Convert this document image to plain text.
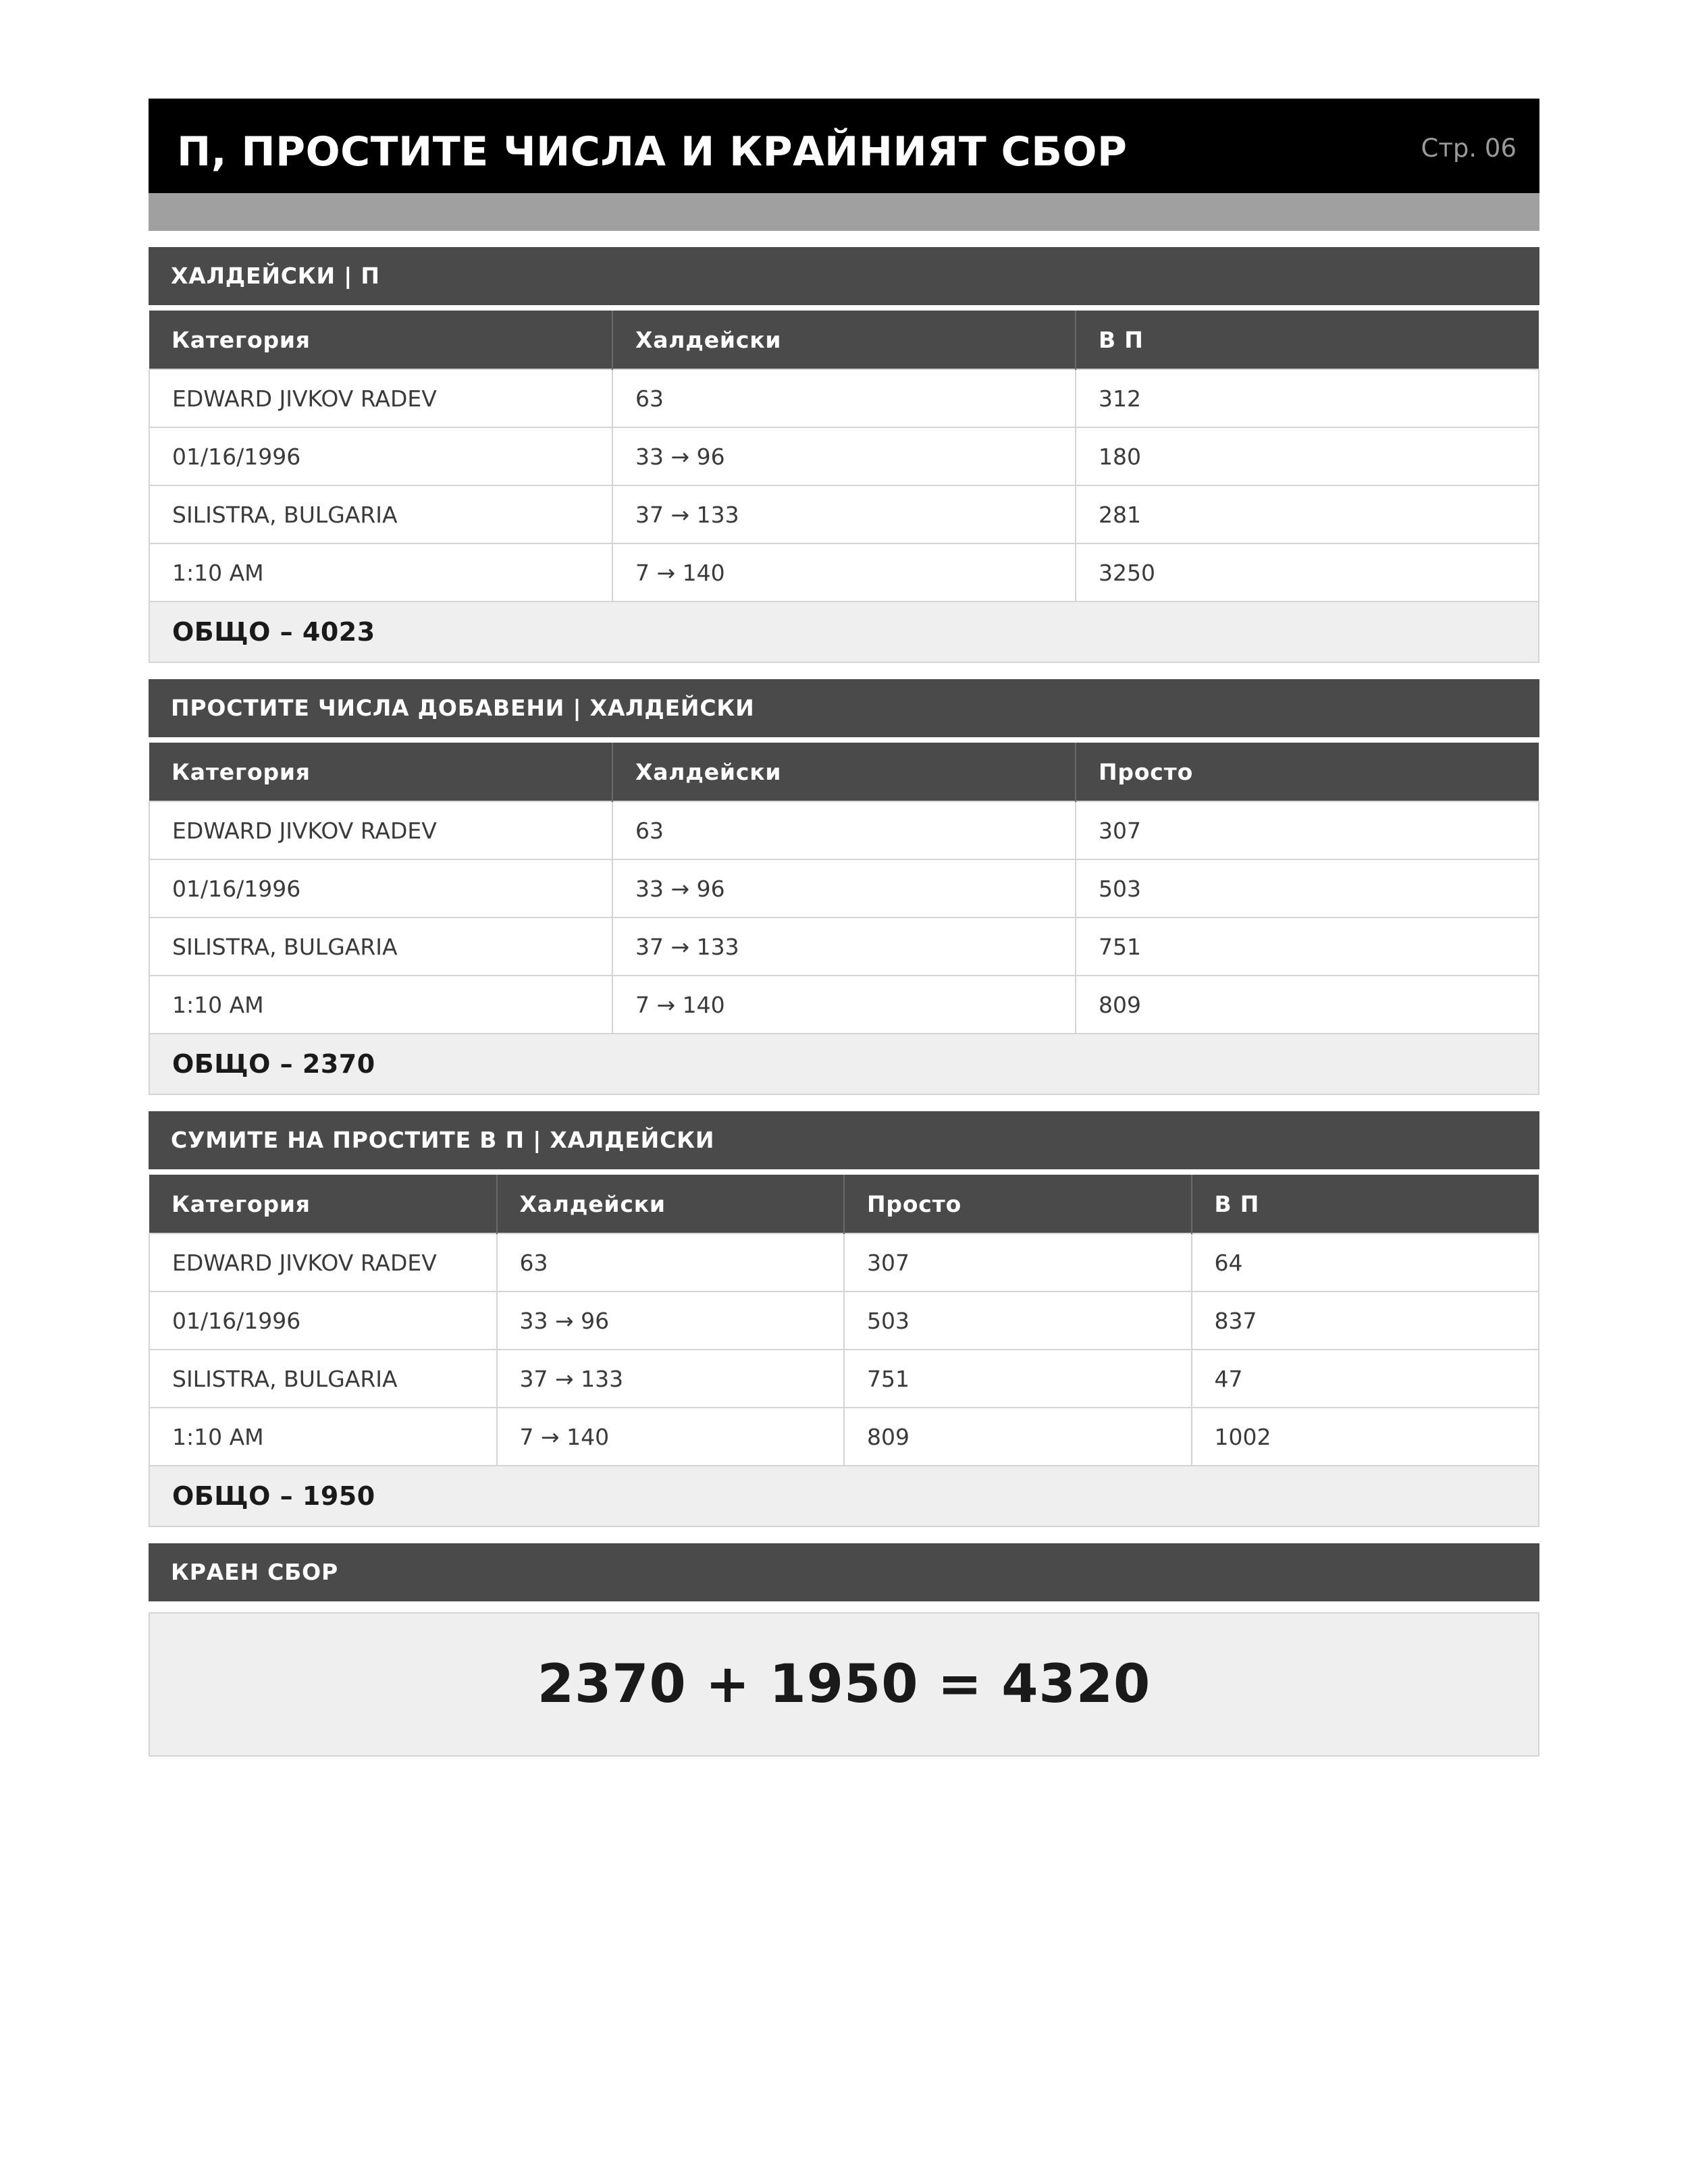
П, ПРОСТИТЕ ЧИСЛА И КРАЙНИЯТ СБОР	Стр. 06
ХАЛДЕЙСКИ | П
Категория	Халдейски	В П
EDWARD JIVKOV RADEV	63	312
01/16/1996	33 → 96	180
SILISTRA, BULGARIA	37 → 133	281
1:10 AM	7 → 140	3250
ОБЩО – 4023
ПРОСТИТЕ ЧИСЛА ДОБАВЕНИ | ХАЛДЕЙСКИ
Категория	Халдейски	Просто
EDWARD JIVKOV RADEV	63	307
01/16/1996	33 → 96	503
SILISTRA, BULGARIA	37 → 133	751
1:10 AM	7 → 140	809
ОБЩО – 2370
СУМИТЕ НА ПРОСТИТЕ В П | ХАЛДЕЙСКИ
Категория	Халдейски	Просто	В П
EDWARD JIVKOV RADEV	63	307	64
01/16/1996	33 → 96	503	837
SILISTRA, BULGARIA	37 → 133	751	47
1:10 AM	7 → 140	809	1002
ОБЩО – 1950
КРАЕН СБОР
2370 + 1950 = 4320
